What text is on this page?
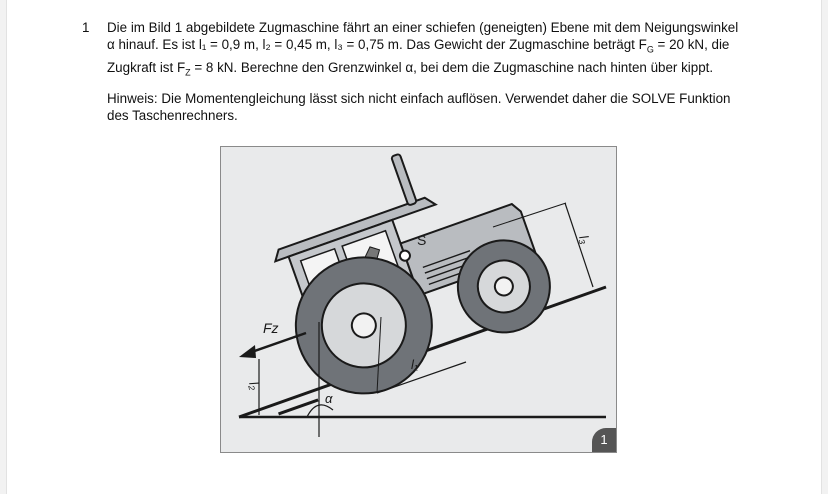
1	Die im Bild 1 abgebildete Zugmaschine fährt an einer schiefen (geneigten) Ebene mit dem Neigungswinkel
α hinauf. Es ist l₁ = 0,9 m, l₂ = 0,45 m, l₃ = 0,75 m. Das Gewicht der Zugmaschine beträgt $F_G = 20$ kN, die
Zugkraft ist $F_Z = 8$ kN. Berechne den Grenzwinkel α, bei dem die Zugmaschine nach hinten über kippt.

Hinweis: Die Momentengleichung lässt sich nicht einfach auflösen. Verwendet daher die SOLVE Funktion
des Taschenrechners.

Fz
l₂
α
l₁
l₃
S
1
